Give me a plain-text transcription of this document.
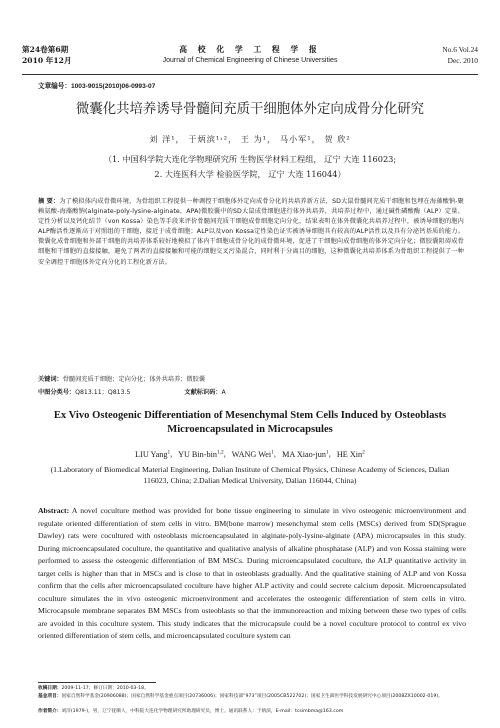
第24卷第6期
2010 年12月
高 校 化 学 工 程 学 报
Journal of Chemical Engineering of Chinese Universities
No.6 Vol.24
Dec. 2010
文章编号：1003-9015(2010)06-0993-07
微囊化共培养诱导骨髓间充质干细胞体外定向成骨分化研究
刘 洋¹， 于炳滨¹˒²， 王 为¹， 马小军¹， 贺 欣²
（1. 中国科学院大连化学物理研究所 生物医学材料工程组， 辽宁 大连 116023;
2. 大连医科大学 检验医学院， 辽宁 大连 116044）
摘 要：为了模拟体内成骨微环境，为骨组织工程提供一种调控干细胞体外定向成骨分化的共培养新方法，SD大鼠骨髓间充质干细胞和包埋在海藻酸钠-聚赖氨酸-海藻酸钠(alginate-poly-lysine-alginate，APA)微胶囊中的SD大鼠成骨细胞进行体外共培养，共培养过程中，通过碱性磷酸酶（ALP）定量、定性分析以及钙化结节（von Kossa）染色等手段来评价骨髓间充质干细胞成骨细胞定向分化，结果表明在体外微囊化共培养过程中，被诱导细胞的胞内ALP酶活性逐渐高于对照组的干细胞，接近于成骨细胞；ALP以及von Kossa定性染色证实被诱导细胞具有较高的ALP活性以及具有分泌钙基质的能力。微囊化成骨细胞和外部干细胞的共培养体系较好地模拟了体内干细胞成骨分化的成骨微环境，促进了干细胞向成骨细胞的体外定向分化；微胶囊阻碍成骨细胞和干细胞的直接接触，避免了两者的直接接触和可能的细胞交叉污染混合，同时利于分离目的细胞，这种微囊化共培养体系为骨组织工程提供了一种安全调控干细胞体外定向分化的工程化新方法。
关键词：骨髓间充质干细胞；定向分化；体外共培养；微胶囊
中图分类号：Q813.11；Q813.5	文献标识码：A
Ex Vivo Osteogenic Differentiation of Mesenchymal Stem Cells Induced by Osteoblasts Microencapsulated in Microcapsules
LIU Yang$^1$,   YU Bin-bin$^{1,2}$,   WANG Wei$^1$,   MA Xiao-jun$^1$,   HE Xin$^2$
(1.Laboratory of Biomedical Material Engineering, Dalian Institute of Chemical Physics, Chinese Academy of Sciences, Dalian 116023, China; 2.Dalian Medical University, Dalian 116044, China)
Abstract: A novel coculture method was provided for bone tissue engineering to simulate in vivo osteogenic microenvironment and regulate oriented differentiation of stem cells in vitro. BM(bone marrow) mesenchymal stem cells (MSCs) derived from SD(Sprague Dawley) rats were cocultured with osteoblasts microencapsulated in alginate-poly-lysine-alginate (APA) microcapsules in this study. During microencapsulated coculture, the quantitative and qualitative analysis of alkaline phosphatase (ALP) and von Kossa staining were performed to assess the osteogenic differentiation of BM MSCs. During microencapsulated coculture, the ALP quantitative activity in target cells is higher than that in MSCs and is close to that in osteoblasts gradually. And the qualitative staining of ALP and von Kossa confirm that the cells after microencapsulated coculture have higher ALP activity and could secrete calcium deposit. Microencapsulated coculture simulates the in vivo osteogenic microenvironment and accelerates the osteogenic differentiation of stem cells in vitro. Microcapsule membrane separates BM MSCs from osteoblasts so that the immunoreaction and mixing between these two types of cells are avoided in this coculture system. This study indicates that the microcapsule could be a novel coculture protocol to control ex vivo oriented differentiation of stem cells, and microencapsulated coculture system can
收稿日期：2009-11-17；修订日期：2010-03-18。
基金项目：国家自然科学基金(20906088)；国家自然科学基金重点项目(20736006)；国家科技部“973”项目(2005CB522702)；国家卫生部医学科技发展研究中心项目(2008ZX10002-019)。
作者简介：刘洋(1979-)，男，辽宁抚顺人，中科院大连化学物理研究所助理研究员，博士。通讯联系人：于炳滨，E-mail：tcsimbma@163.com
